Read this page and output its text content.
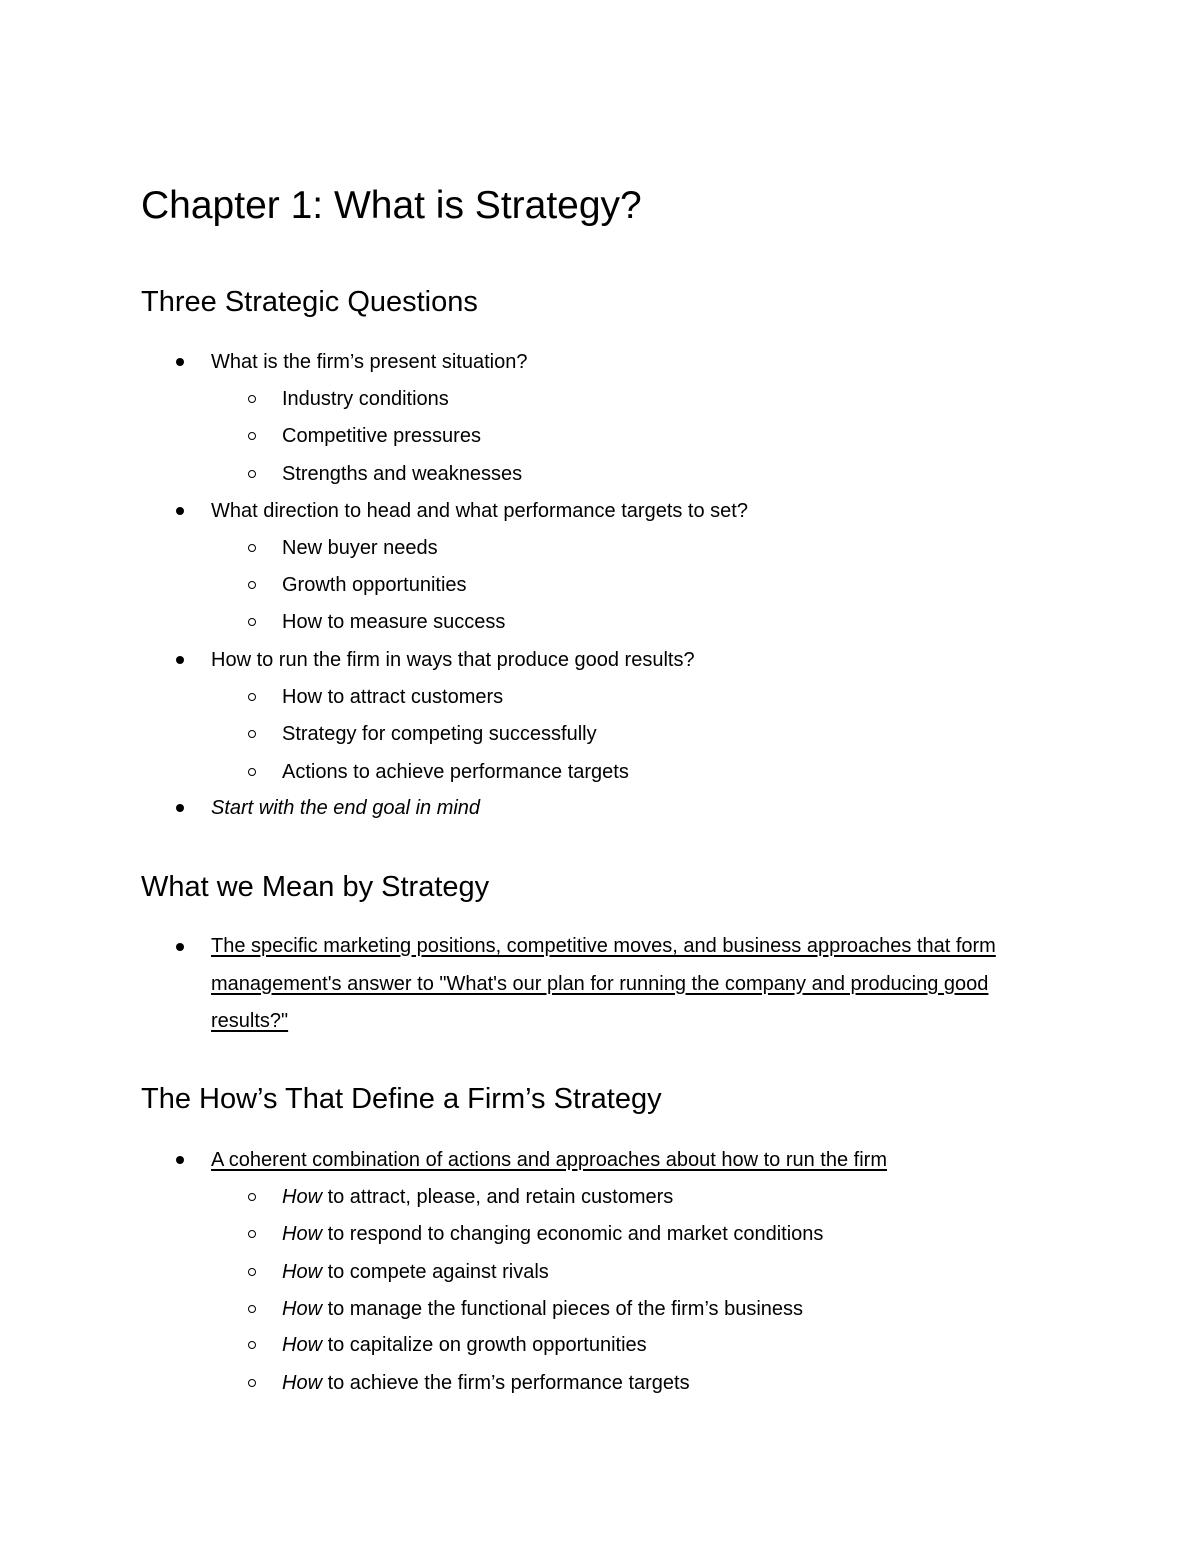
Chapter 1: What is Strategy?
Three Strategic Questions
What is the firm’s present situation?
Industry conditions
Competitive pressures
Strengths and weaknesses
What direction to head and what performance targets to set?
New buyer needs
Growth opportunities
How to measure success
How to run the firm in ways that produce good results?
How to attract customers
Strategy for competing successfully
Actions to achieve performance targets
Start with the end goal in mind
What we Mean by Strategy
The specific marketing positions, competitive moves, and business approaches that form management's answer to "What's our plan for running the company and producing good results?"
The How’s That Define a Firm’s Strategy
A coherent combination of actions and approaches about how to run the firm
How to attract, please, and retain customers
How to respond to changing economic and market conditions
How to compete against rivals
How to manage the functional pieces of the firm’s business
How to capitalize on growth opportunities
How to achieve the firm’s performance targets
